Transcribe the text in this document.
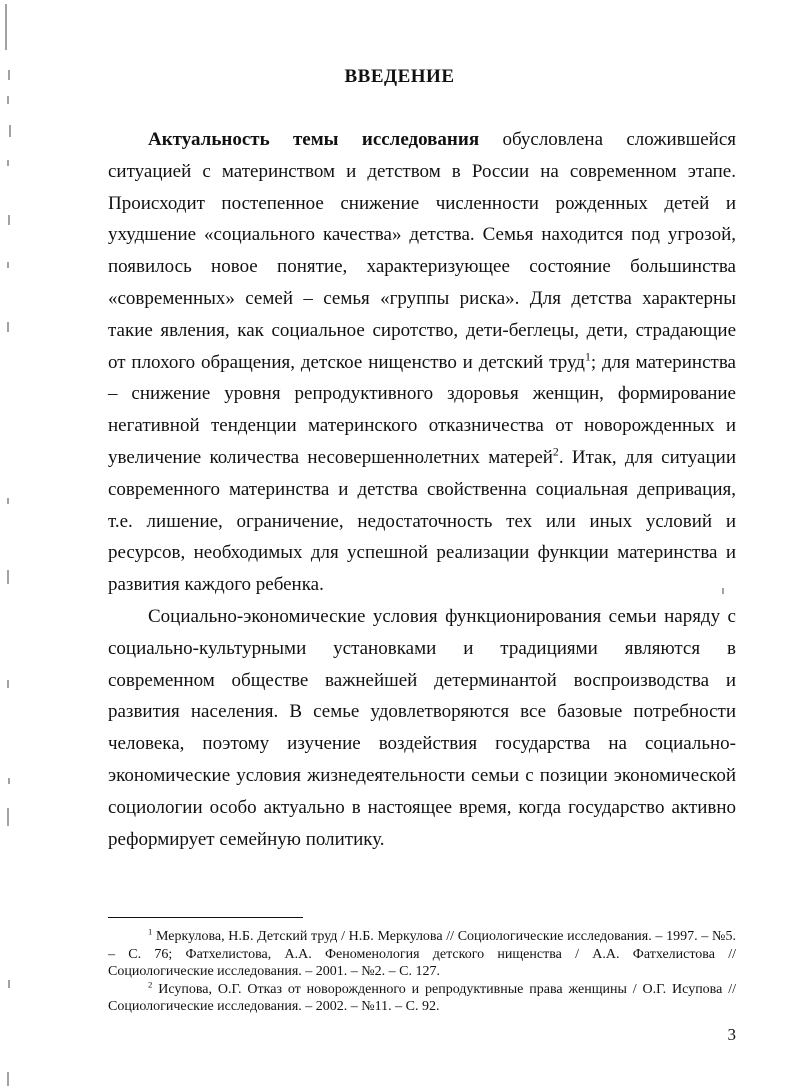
ВВЕДЕНИЕ

Актуальность темы исследования обусловлена сложившейся ситуацией с материнством и детством в России на современном этапе. Происходит постепенное снижение численности рожденных детей и ухудшение «социального качества» детства. Семья находится под угрозой, появилось новое понятие, характеризующее состояние большинства «современных» семей – семья «группы риска». Для детства характерны такие явления, как социальное сиротство, дети-беглецы, дети, страдающие от плохого обращения, детское нищенство и детский труд$^1$; для материнства – снижение уровня репродуктивного здоровья женщин, формирование негативной тенденции материнского отказничества от новорожденных и увеличение количества несовершеннолетних матерей$^2$. Итак, для ситуации современного материнства и детства свойственна социальная депривация, т.е. лишение, ограничение, недостаточность тех или иных условий и ресурсов, необходимых для успешной реализации функции материнства и развития каждого ребенка.

Социально-экономические условия функционирования семьи наряду с социально-культурными установками и традициями являются в современном обществе важнейшей детерминантой воспроизводства и развития населения. В семье удовлетворяются все базовые потребности человека, поэтому изучение воздействия государства на социально-экономические условия жизнедеятельности семьи с позиции экономической социологии особо актуально в настоящее время, когда государство активно реформирует семейную политику.

$^1$ Меркулова, Н.Б. Детский труд / Н.Б. Меркулова // Социологические исследования. – 1997. – №5. – С. 76; Фатхелистова, А.А. Феноменология детского нищенства / А.А. Фатхелистова // Социологические исследования. – 2001. – №2. – С. 127.

$^2$ Исупова, О.Г. Отказ от новорожденного и репродуктивные права женщины / О.Г. Исупова // Социологические исследования. – 2002. – №11. – С. 92.

3
